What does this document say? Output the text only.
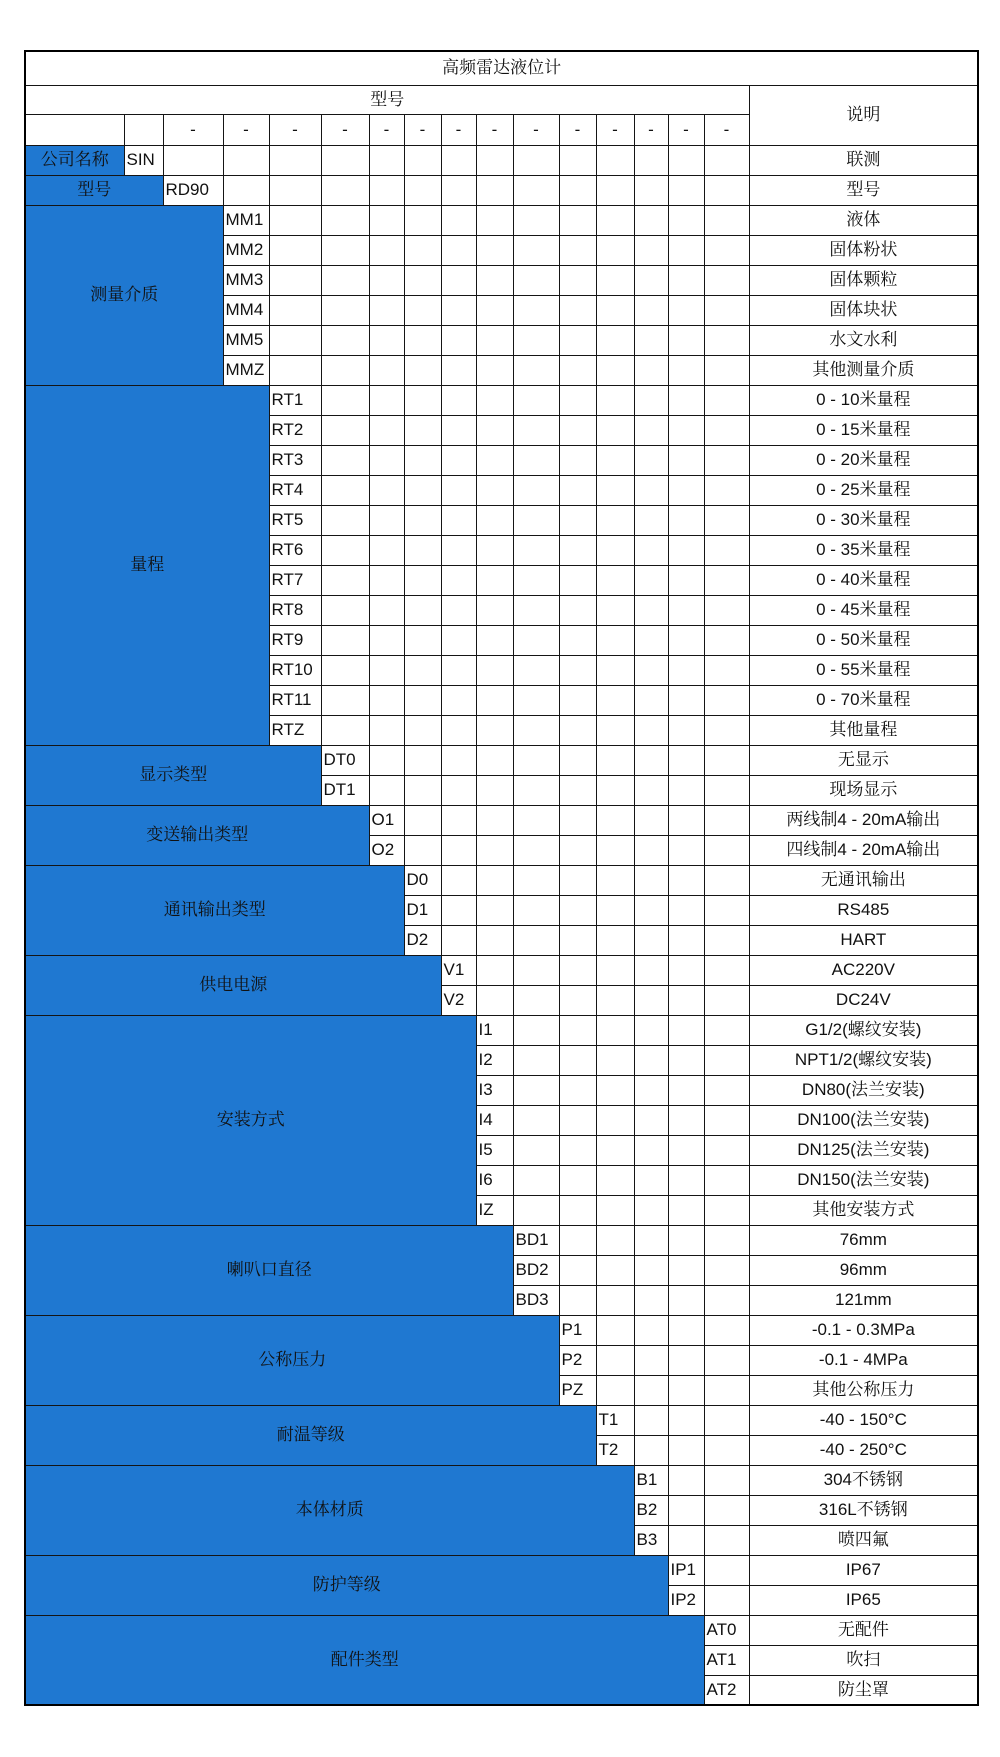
高频雷达液位计																
型号																说明
		-	-	-	-	-	-	-	-	-	-	-	-	-	-	
公司名称	SIN															联测
型号		RD90														型号
测量介质			MM1													液体
			MM2													固体粉状
			MM3													固体颗粒
			MM4													固体块状
			MM5													水文水利
			MMZ													其他测量介质
量程				RT1												0 - 10米量程
				RT2												0 - 15米量程
				RT3												0 - 20米量程
				RT4												0 - 25米量程
				RT5												0 - 30米量程
				RT6												0 - 35米量程
				RT7												0 - 40米量程
				RT8												0 - 45米量程
				RT9												0 - 50米量程
				RT10												0 - 55米量程
				RT11												0 - 70米量程
				RTZ												其他量程
显示类型					DT0											无显示
					DT1											现场显示
变送输出类型						O1										两线制4 - 20mA输出
						O2										四线制4 - 20mA输出
通讯输出类型							D0									无通讯输出
							D1									RS485
							D2									HART
供电电源								V1								AC220V
								V2								DC24V
安装方式									I1							G1/2(螺纹安装)
									I2							NPT1/2(螺纹安装)
									I3							DN80(法兰安装)
									I4							DN100(法兰安装)
									I5							DN125(法兰安装)
									I6							DN150(法兰安装)
									IZ							其他安装方式
喇叭口直径										BD1						76mm
										BD2						96mm
										BD3						121mm
公称压力											P1					-0.1 - 0.3MPa
											P2					-0.1 - 4MPa
											PZ					其他公称压力
耐温等级												T1				-40 - 150°C
												T2				-40 - 250°C
本体材质													B1			304不锈钢
													B2			316L不锈钢
													B3			喷四氟
防护等级														IP1		IP67
														IP2		IP65
配件类型															AT0	无配件
															AT1	吹扫
															AT2	防尘罩
